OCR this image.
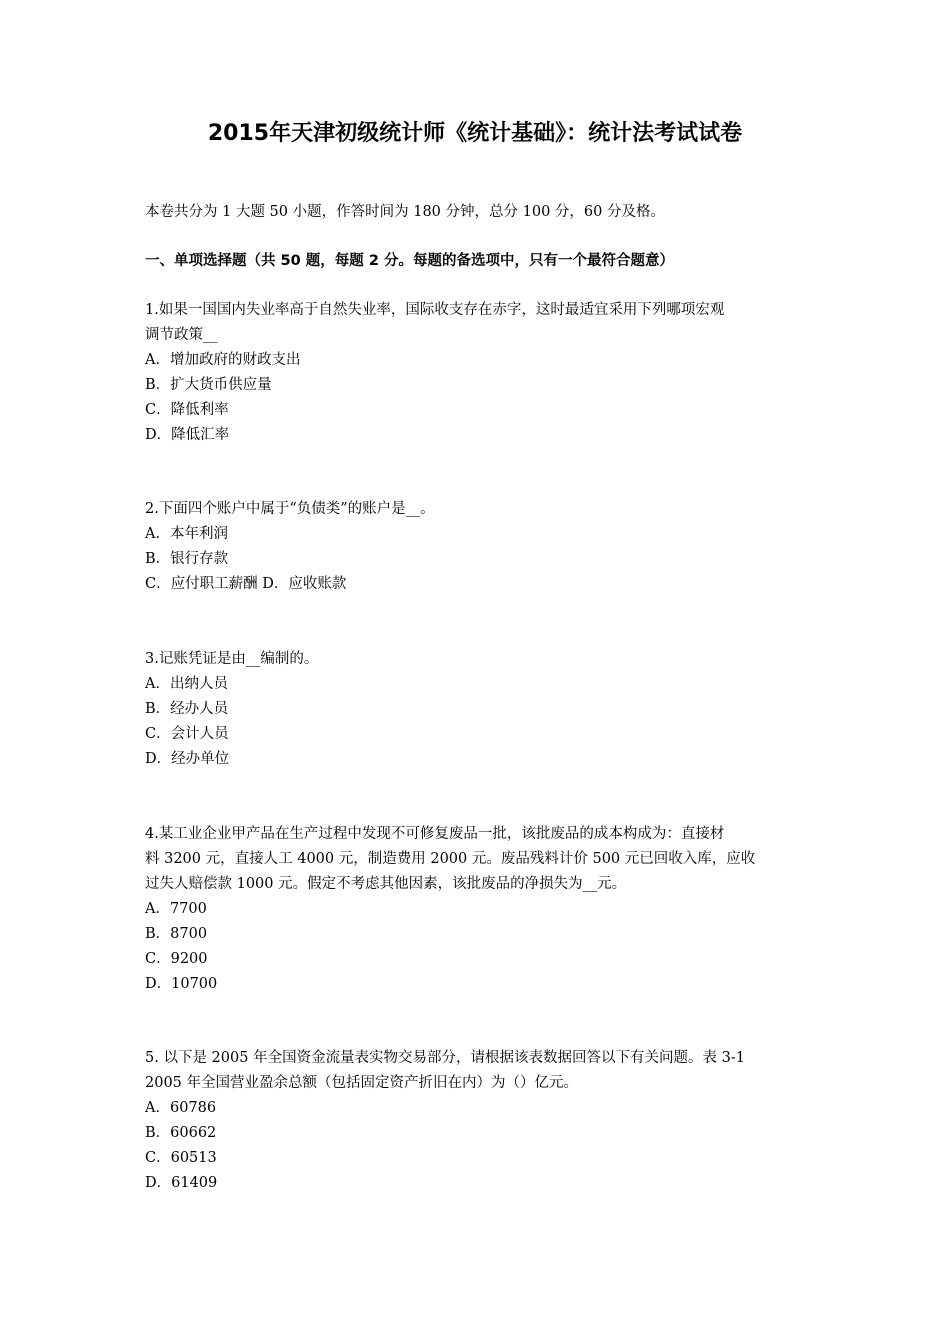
2015年天津初级统计师《统计基础》：统计法考试试卷
本卷共分为 1 大题 50 小题，作答时间为 180 分钟，总分 100 分，60 分及格。
一、单项选择题（共 50 题，每题 2 分。每题的备选项中，只有一个最符合题意）
1.如果一国国内失业率高于自然失业率，国际收支存在赤字，这时最适宜采用下列哪项宏观
调节政策__
A．增加政府的财政支出
B．扩大货币供应量
C．降低利率
D．降低汇率
2.下面四个账户中属于“负债类”的账户是__。
A．本年利润
B．银行存款
C．应付职工薪酬 D．应收账款
3.记账凭证是由__编制的。
A．出纳人员
B．经办人员
C．会计人员
D．经办单位
4.某工业企业甲产品在生产过程中发现不可修复废品一批，该批废品的成本构成为：直接材
料 3200 元，直接人工 4000 元，制造费用 2000 元。废品残料计价 500 元已回收入库，应收
过失人赔偿款 1000 元。假定不考虑其他因素，该批废品的净损失为__元。
A．7700
B．8700
C．9200
D．10700
5. 以下是 2005 年全国资金流量表实物交易部分，请根据该表数据回答以下有关问题。表 3-1
2005 年全国营业盈余总额（包括固定资产折旧在内）为（）亿元。
A．60786
B．60662
C．60513
D．61409
